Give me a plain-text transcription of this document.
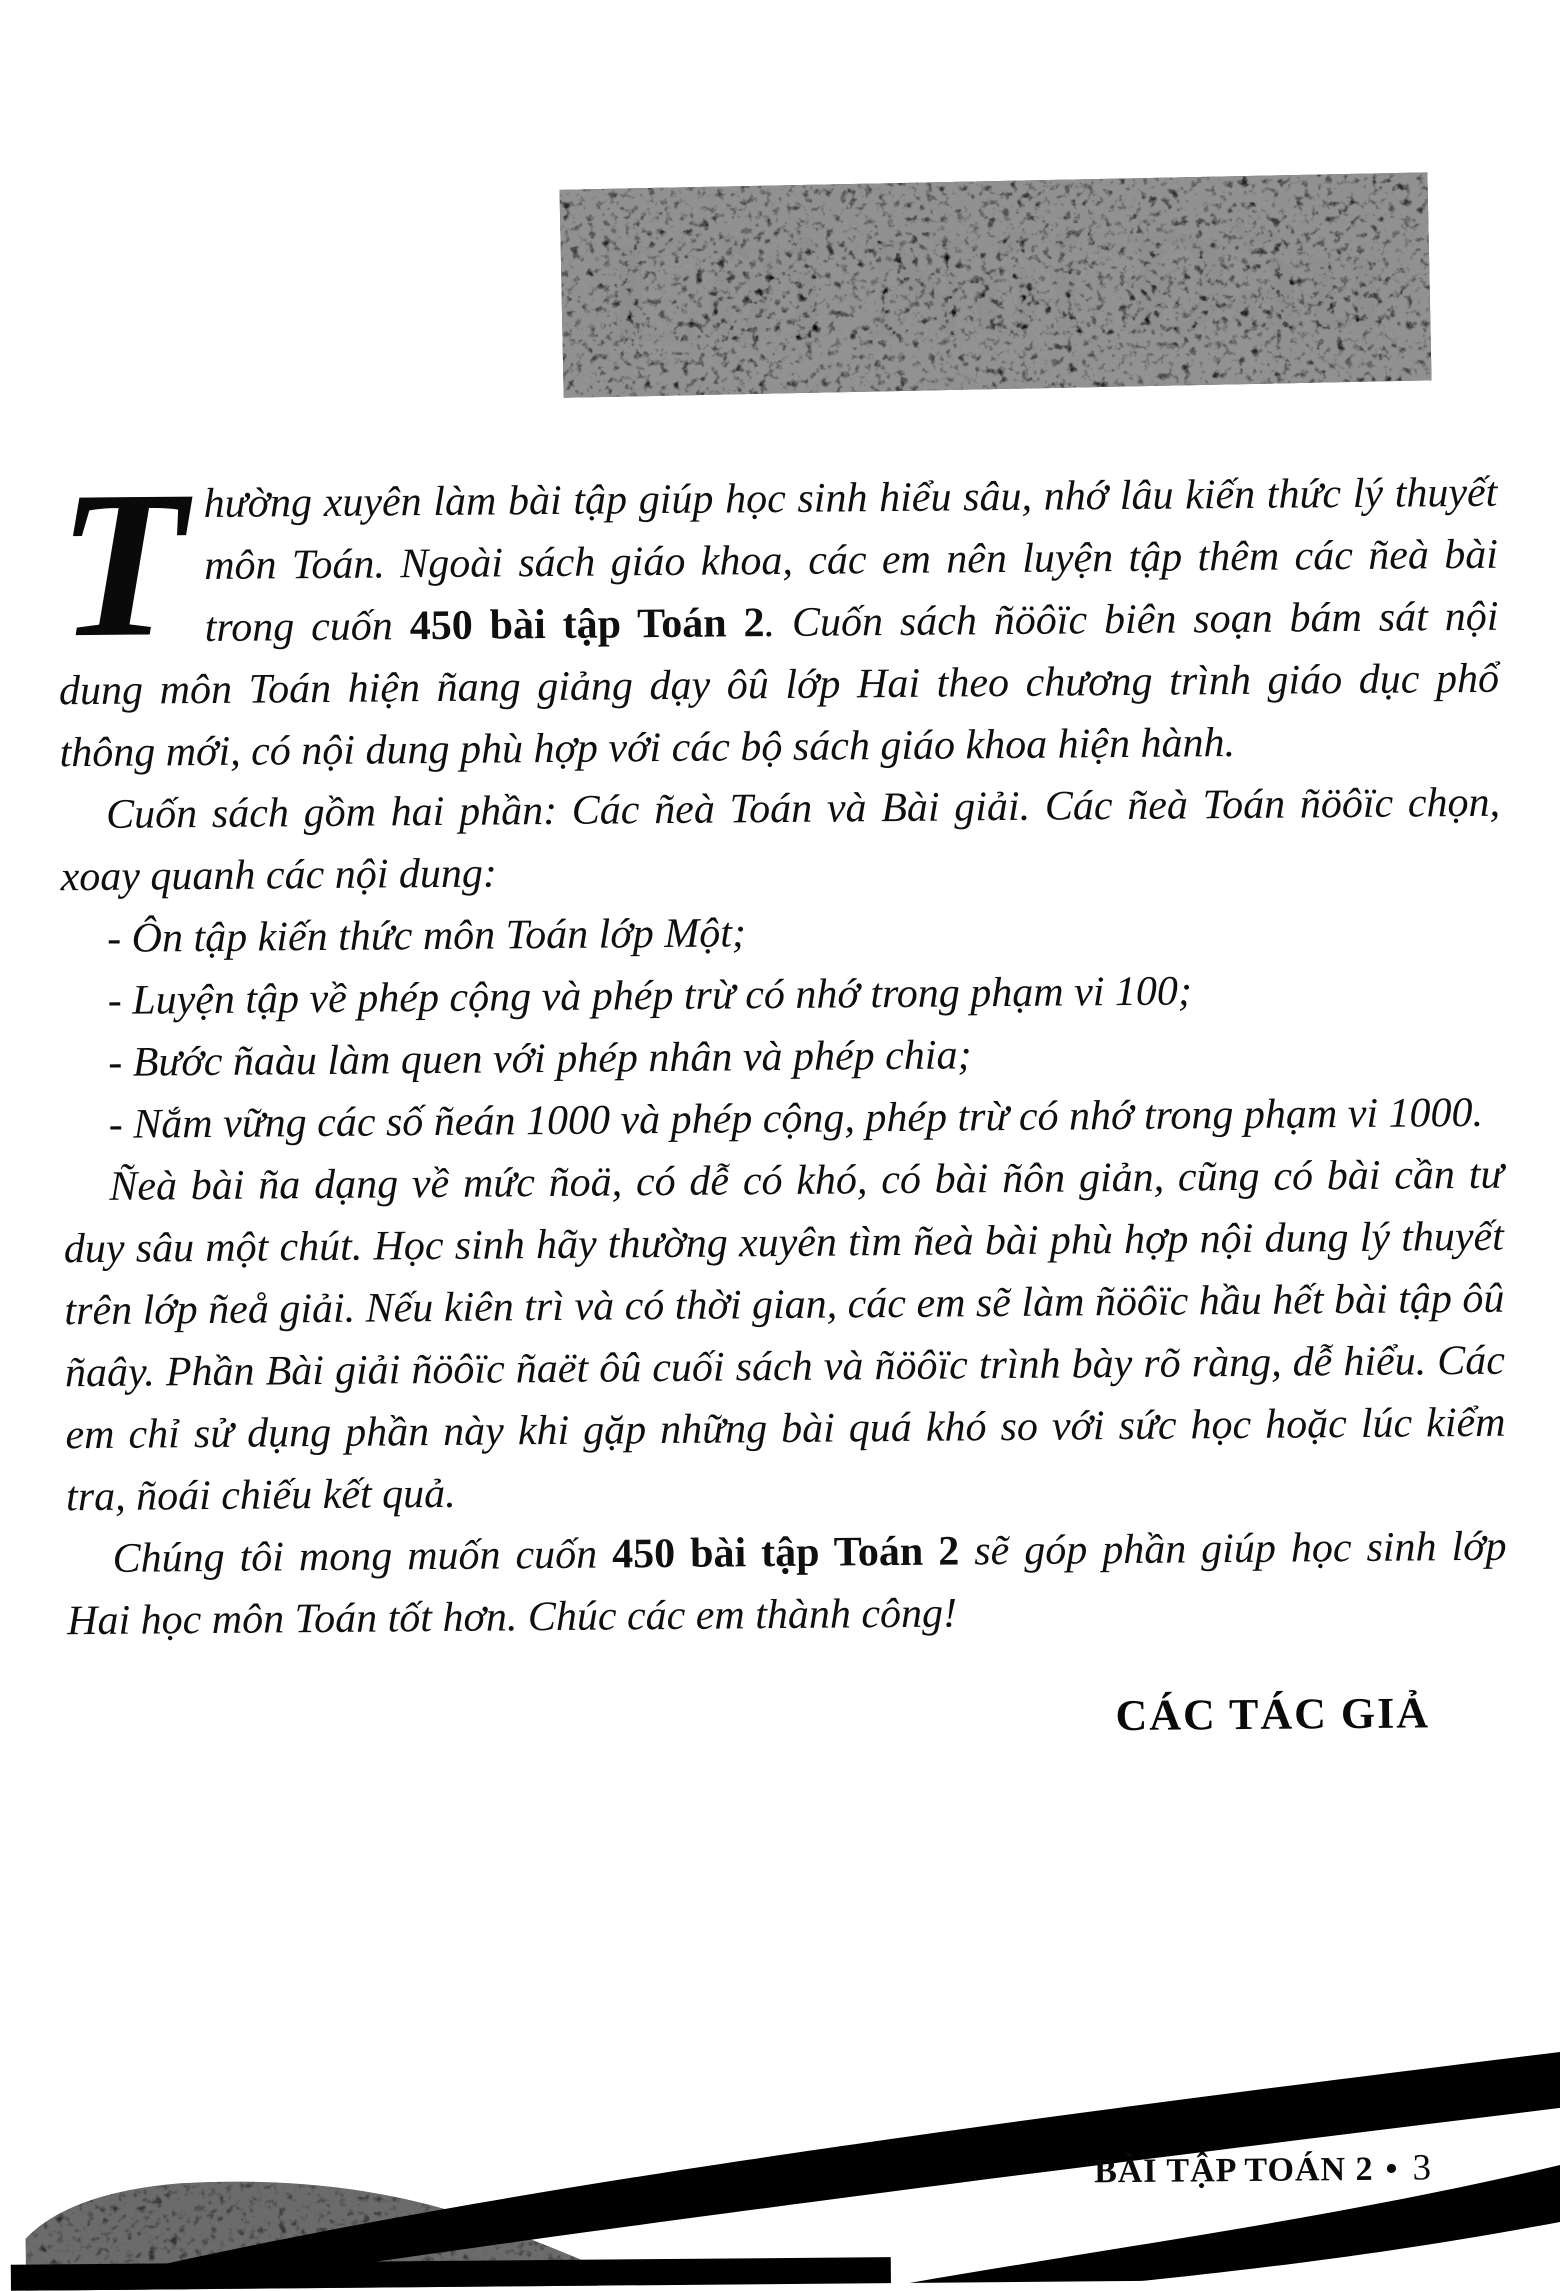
Lời Nói Đầu

Thường xuyên làm bài tập giúp học sinh hiểu sâu, nhớ lâu kiến thức lý thuyết môn Toán. Ngoài sách giáo khoa, các em nên luyện tập thêm các ñeà bài trong cuốn 450 bài tập Toán 2. Cuốn sách ñöôïc biên soạn bám sát nội dung môn Toán hiện ñang giảng dạy ôû lớp Hai theo chương trình giáo dục phổ thông mới, có nội dung phù hợp với các bộ sách giáo khoa hiện hành.

Cuốn sách gồm hai phần: Các ñeà Toán và Bài giải. Các ñeà Toán ñöôïc chọn, xoay quanh các nội dung:

- Ôn tập kiến thức môn Toán lớp Một;

- Luyện tập về phép cộng và phép trừ có nhớ trong phạm vi 100;

- Bước ñaàu làm quen với phép nhân và phép chia;

- Nắm vững các số ñeán 1000 và phép cộng, phép trừ có nhớ trong phạm vi 1000.

Ñeà bài ña dạng về mức ñoä, có dễ có khó, có bài ñôn giản, cũng có bài cần tư duy sâu một chút. Học sinh hãy thường xuyên tìm ñeà bài phù hợp nội dung lý thuyết trên lớp ñeå giải. Nếu kiên trì và có thời gian, các em sẽ làm ñöôïc hầu hết bài tập ôû ñaây. Phần Bài giải ñöôïc ñaët ôû cuối sách và ñöôïc trình bày rõ ràng, dễ hiểu. Các em chỉ sử dụng phần này khi gặp những bài quá khó so với sức học hoặc lúc kiểm tra, ñoái chiếu kết quả.

Chúng tôi mong muốn cuốn 450 bài tập Toán 2 sẽ góp phần giúp học sinh lớp Hai học môn Toán tốt hơn. Chúc các em thành công!

CÁC TÁC GIẢ
BÀI TẬP TOÁN 2 • 3
